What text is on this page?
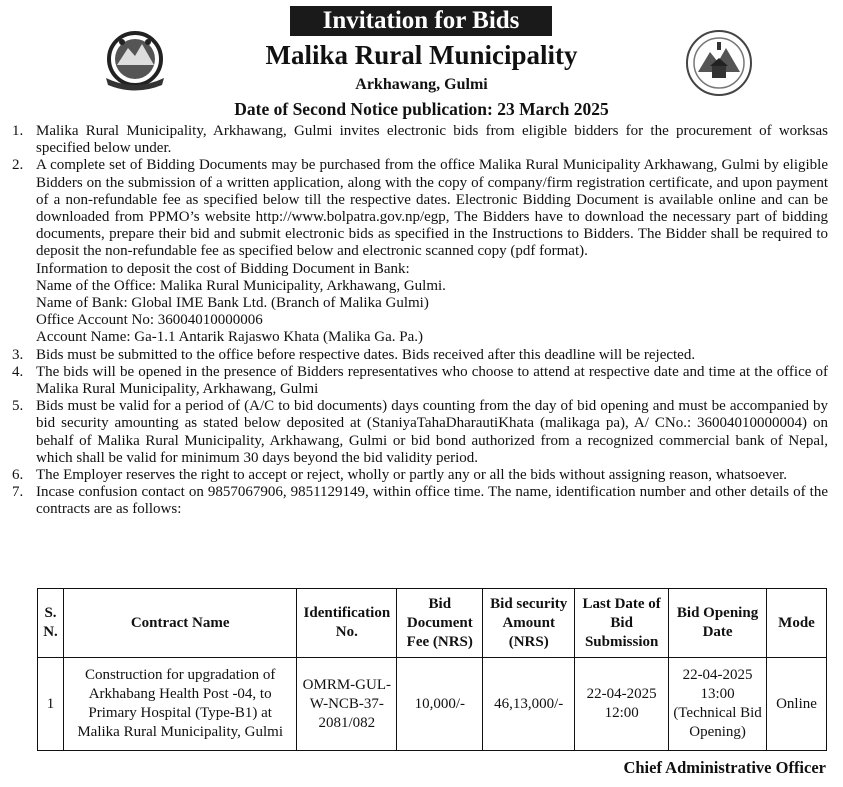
Invitation for Bids
Malika Rural Municipality
Arkhawang, Gulmi
Date of Second Notice publication: 23 March 2025
1. Malika Rural Municipality, Arkhawang, Gulmi invites electronic bids from eligible bidders for the procurement of worksas specified below under.
2. A complete set of Bidding Documents may be purchased from the office Malika Rural Municipality Arkhawang, Gulmi by eligible Bidders on the submission of a written application, along with the copy of company/firm registration certificate, and upon payment of a non-refundable fee as specified below till the respective dates. Electronic Bidding Document is available online and can be downloaded from PPMO’s website http://www.bolpatra.gov.np/egp, The Bidders have to download the necessary part of bidding documents, prepare their bid and submit electronic bids as specified in the Instructions to Bidders. The Bidder shall be required to deposit the non-refundable fee as specified below and electronic scanned copy (pdf format).
Information to deposit the cost of Bidding Document in Bank:
Name of the Office: Malika Rural Municipality, Arkhawang, Gulmi.
Name of Bank: Global IME Bank Ltd. (Branch of Malika Gulmi)
Office Account No: 36004010000006
Account Name: Ga-1.1 Antarik Rajaswo Khata (Malika Ga. Pa.)
3. Bids must be submitted to the office before respective dates. Bids received after this deadline will be rejected.
4. The bids will be opened in the presence of Bidders representatives who choose to attend at respective date and time at the office of Malika Rural Municipality, Arkhawang, Gulmi
5. Bids must be valid for a period of (A/C to bid documents) days counting from the day of bid opening and must be accompanied by bid security amounting as stated below deposited at (StaniyaTahaDharautiKhata (malikaga pa), A/ CNo.: 36004010000004) on behalf of Malika Rural Municipality, Arkhawang, Gulmi or bid bond authorized from a recognized commercial bank of Nepal, which shall be valid for minimum 30 days beyond the bid validity period.
6. The Employer reserves the right to accept or reject, wholly or partly any or all the bids without assigning reason, whatsoever.
7. Incase confusion contact on 9857067906, 9851129149, within office time. The name, identification number and other details of the contracts are as follows:
S. N.	Contract Name	Identification No.	Bid Document Fee (NRS)	Bid security Amount (NRS)	Last Date of Bid Submission	Bid Opening Date	Mode
1	Construction for upgradation of Arkhabang Health Post -04, to Primary Hospital (Type-B1) at Malika Rural Municipality, Gulmi	OMRM-GUL-W-NCB-37-2081/082	10,000/-	46,13,000/-	22-04-2025 12:00	22-04-2025 13:00 (Technical Bid Opening)	Online
Chief Administrative Officer
